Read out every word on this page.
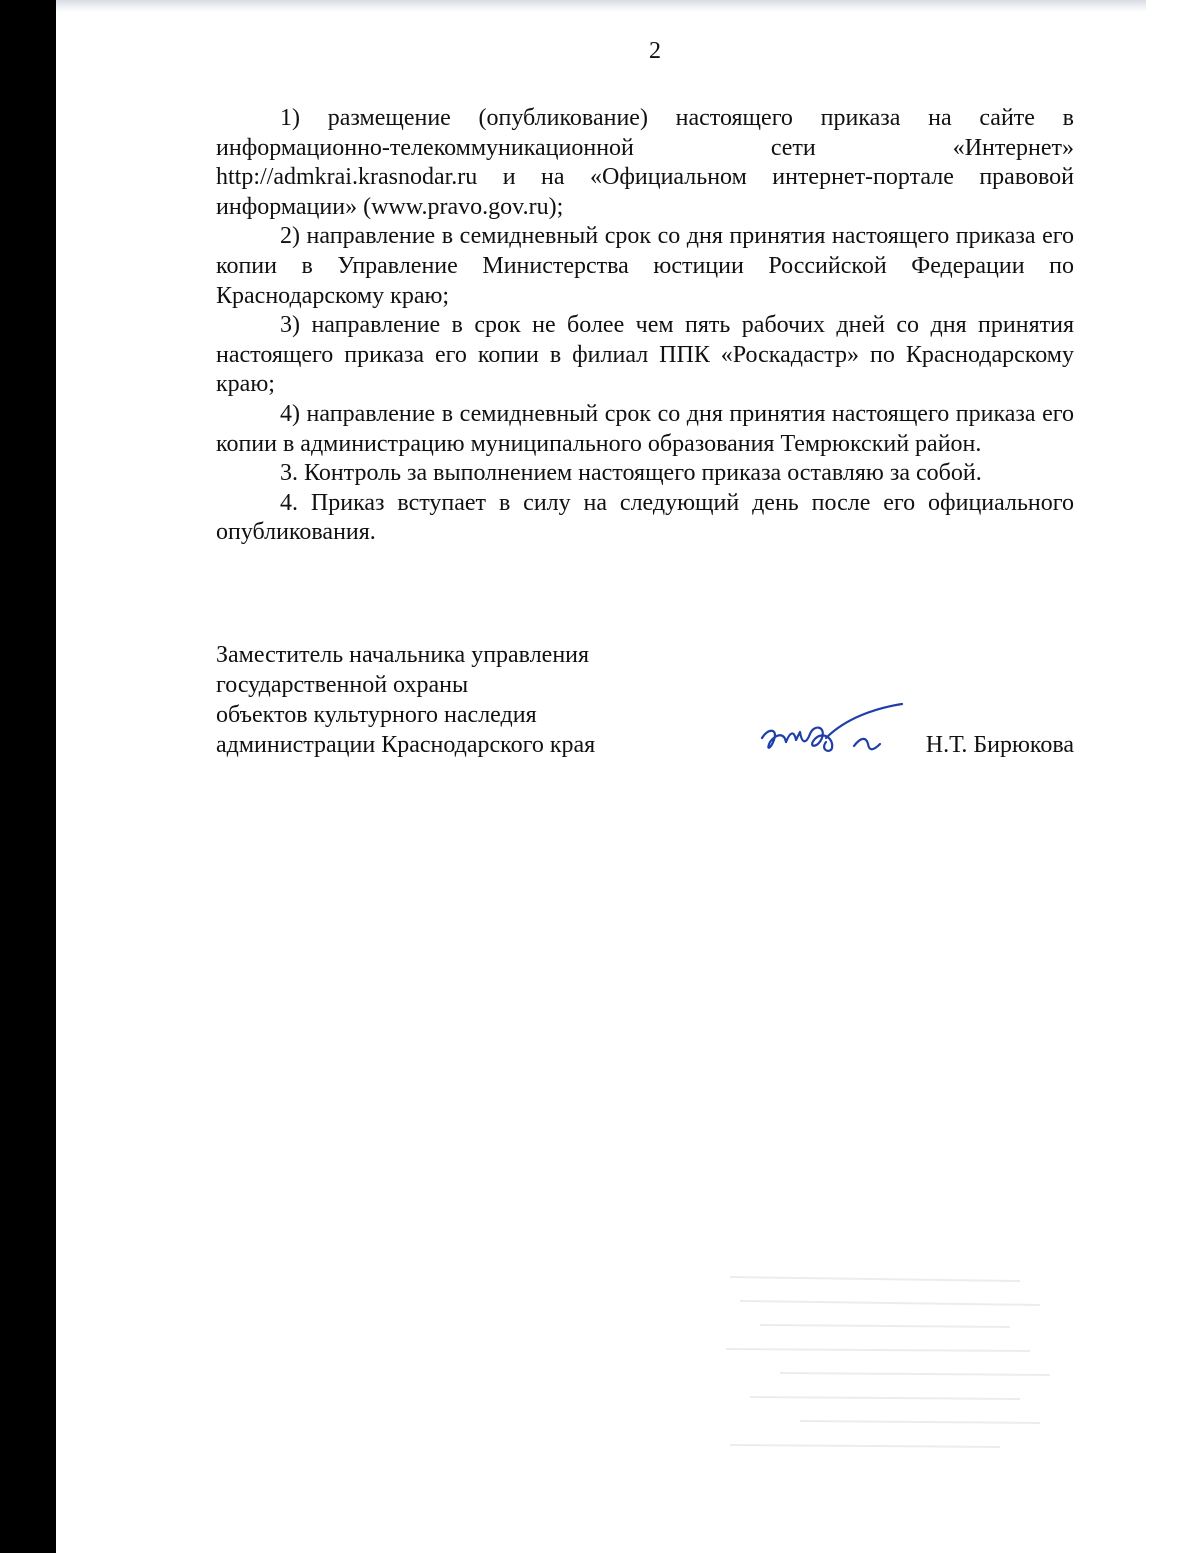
2

1) размещение (опубликование) настоящего приказа на сайте в информационно-телекоммуникационной сети «Интернет» http://admkrai.krasnodar.ru и на «Официальном интернет-портале правовой информации» (www.pravo.gov.ru);

2) направление в семидневный срок со дня принятия настоящего приказа его копии в Управление Министерства юстиции Российской Федерации по Краснодарскому краю;

3) направление в срок не более чем пять рабочих дней со дня принятия настоящего приказа его копии в филиал ППК «Роскадастр» по Краснодарскому краю;

4) направление в семидневный срок со дня принятия настоящего приказа его копии в администрацию муниципального образования Темрюкский район.

3. Контроль за выполнением настоящего приказа оставляю за собой.

4. Приказ вступает в силу на следующий день после его официального опубликования.

Заместитель начальника управления
государственной охраны
объектов культурного наследия
администрации Краснодарского края	Н.Т. Бирюкова
